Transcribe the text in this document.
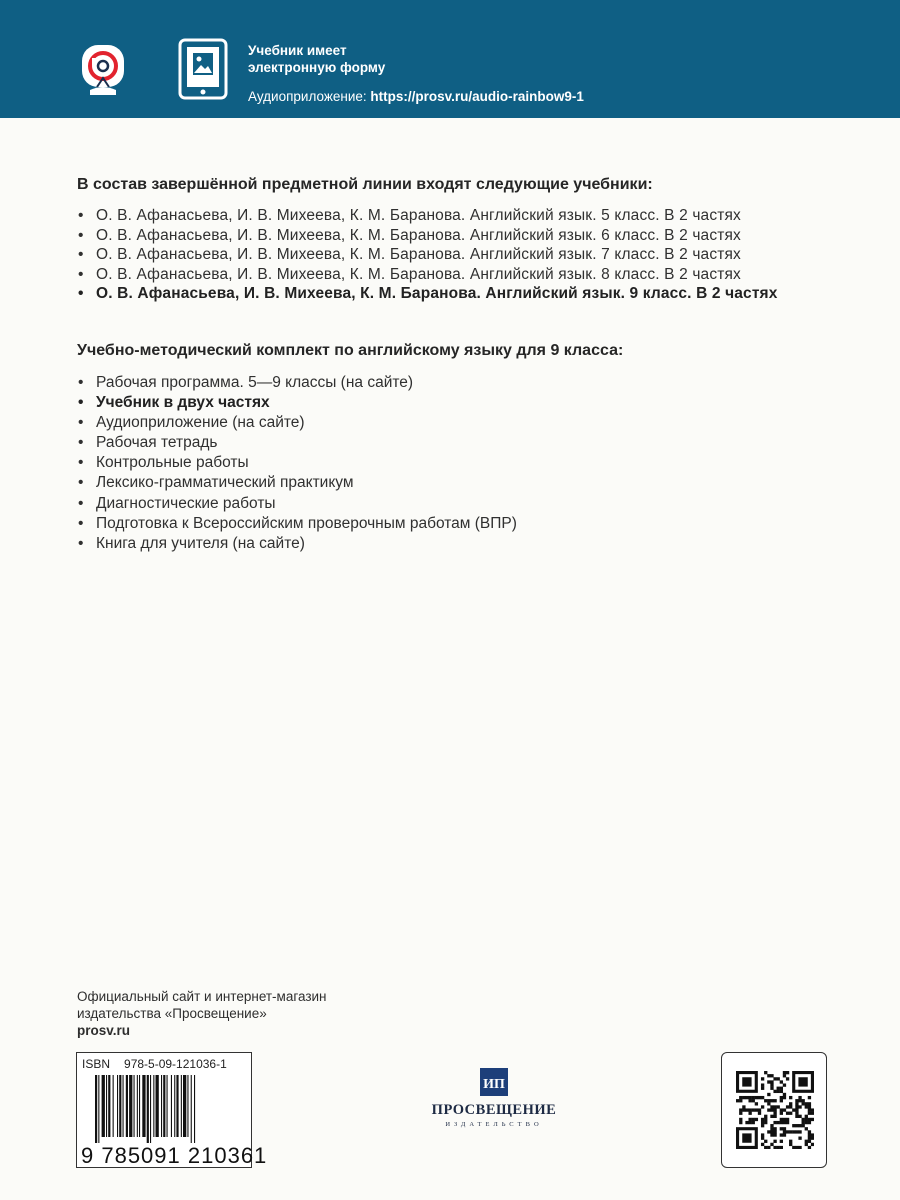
Учебник имеет
электронную форму
Аудиоприложение: https://prosv.ru/audio-rainbow9-1
В состав завершённой предметной линии входят следующие учебники:
• О. В. Афанасьева, И. В. Михеева, К. М. Баранова. Английский язык. 5 класс. В 2 частях
• О. В. Афанасьева, И. В. Михеева, К. М. Баранова. Английский язык. 6 класс. В 2 частях
• О. В. Афанасьева, И. В. Михеева, К. М. Баранова. Английский язык. 7 класс. В 2 частях
• О. В. Афанасьева, И. В. Михеева, К. М. Баранова. Английский язык. 8 класс. В 2 частях
• О. В. Афанасьева, И. В. Михеева, К. М. Баранова. Английский язык. 9 класс. В 2 частях
Учебно-методический комплект по английскому языку для 9 класса:
• Рабочая программа. 5—9 классы (на сайте)
• Учебник в двух частях
• Аудиоприложение (на сайте)
• Рабочая тетрадь
• Контрольные работы
• Лексико-грамматический практикум
• Диагностические работы
• Подготовка к Всероссийским проверочным работам (ВПР)
• Книга для учителя (на сайте)
Официальный сайт и интернет-магазин
издательства «Просвещение»
prosv.ru
ISBN 978-5-09-121036-1
9 785091 210361
ИП
ПРОСВЕЩЕНИЕ
ИЗДАТЕЛЬСТВО
